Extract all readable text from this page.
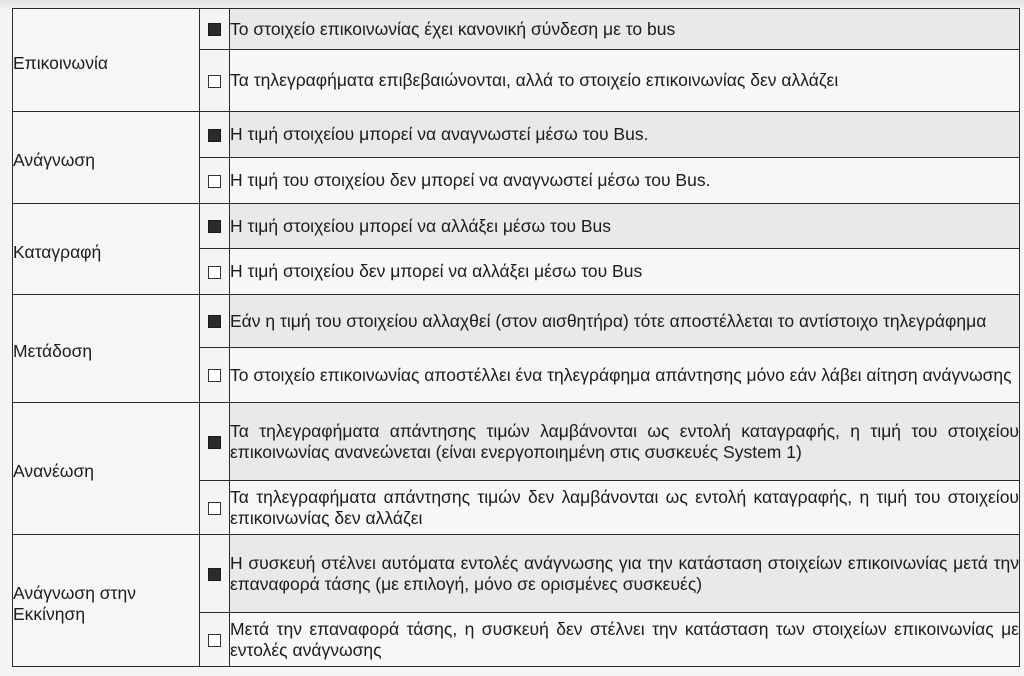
Επικοινωνία		Το στοιχείο επικοινωνίας έχει κανονική σύνδεση με το bus

		Τα τηλεγραφήματα επιβεβαιώνονται, αλλά το στοιχείο επικοινωνίας δεν αλλάζει

Ανάγνωση		Η τιμή στοιχείου μπορεί να αναγνωστεί μέσω του Bus.

		Η τιμή του στοιχείου δεν μπορεί να αναγνωστεί μέσω του Bus.

Καταγραφή		Η τιμή στοιχείου μπορεί να αλλάξει μέσω του Bus

		Η τιμή στοιχείου δεν μπορεί να αλλάξει μέσω του Bus

Μετάδοση		Εάν η τιμή του στοιχείου αλλαχθεί (στον αισθητήρα) τότε αποστέλλεται το αντίστοιχο τηλεγράφημα

		Το στοιχείο επικοινωνίας αποστέλλει ένα τηλεγράφημα απάντησης μόνο εάν λάβει αίτηση ανάγνωσης

Ανανέωση		Τα τηλεγραφήματα απάντησης τιμών λαμβάνονται ως εντολή καταγραφής, η τιμή του στοιχείου επικοινωνίας ανανεώνεται (είναι ενεργοποιημένη στις συσκευές System 1)

		Τα τηλεγραφήματα απάντησης τιμών δεν λαμβάνονται ως εντολή καταγραφής, η τιμή του στοιχείου επικοινωνίας δεν αλλάζει

Ανάγνωση στην Εκκίνηση		Η συσκευή στέλνει αυτόματα εντολές ανάγνωσης για την κατάσταση στοιχείων επικοινωνίας μετά την επαναφορά τάσης (με επιλογή, μόνο σε ορισμένες συσκευές)

		Μετά την επαναφορά τάσης, η συσκευή δεν στέλνει την κατάσταση των στοιχείων επικοινωνίας με εντολές ανάγνωσης
